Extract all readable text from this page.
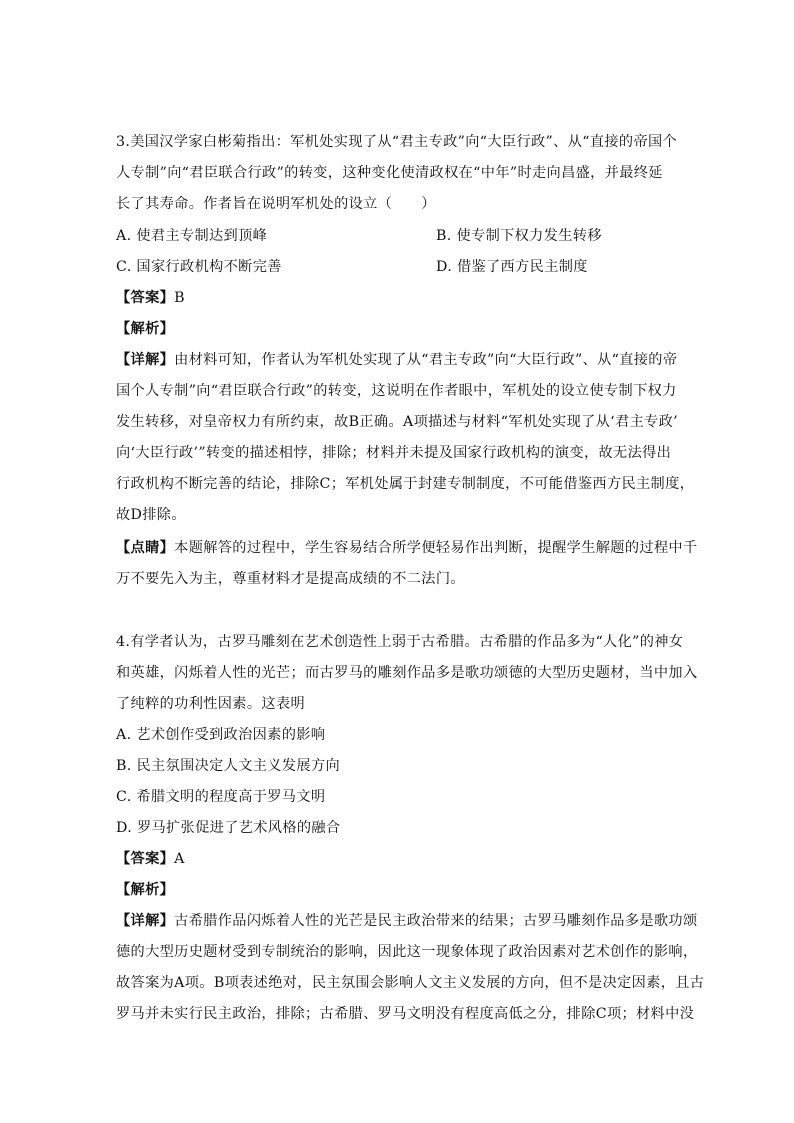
3.美国汉学家白彬菊指出：军机处实现了从“君主专政”向“大臣行政”、从“直接的帝国个
人专制”向“君臣联合行政”的转变，这种变化使清政权在“中年”时走向昌盛，并最终延
长了其寿命。作者旨在说明军机处的设立（　　）
A. 使君主专制达到顶峰	B. 使专制下权力发生转移
C. 国家行政机构不断完善	D. 借鉴了西方民主制度
【答案】B
【解析】
【详解】由材料可知，作者认为军机处实现了从“君主专政”向“大臣行政”、从“直接的帝
国个人专制”向“君臣联合行政”的转变，这说明在作者眼中，军机处的设立使专制下权力
发生转移，对皇帝权力有所约束，故B正确。A项描述与材料“军机处实现了从‘君主专政’
向‘大臣行政’”转变的描述相悖，排除；材料并未提及国家行政机构的演变，故无法得出
行政机构不断完善的结论，排除C；军机处属于封建专制制度，不可能借鉴西方民主制度，
故D排除。
【点睛】本题解答的过程中，学生容易结合所学便轻易作出判断，提醒学生解题的过程中千
万不要先入为主，尊重材料才是提高成绩的不二法门。
4.有学者认为，古罗马雕刻在艺术创造性上弱于古希腊。古希腊的作品多为“人化”的神女
和英雄，闪烁着人性的光芒；而古罗马的雕刻作品多是歌功颂德的大型历史题材，当中加入
了纯粹的功利性因素。这表明
A. 艺术创作受到政治因素的影响
B. 民主氛围决定人文主义发展方向
C. 希腊文明的程度高于罗马文明
D. 罗马扩张促进了艺术风格的融合
【答案】A
【解析】
【详解】古希腊作品闪烁着人性的光芒是民主政治带来的结果；古罗马雕刻作品多是歌功颂
德的大型历史题材受到专制统治的影响，因此这一现象体现了政治因素对艺术创作的影响，
故答案为A项。B项表述绝对，民主氛围会影响人文主义发展的方向，但不是决定因素，且古
罗马并未实行民主政治，排除；古希腊、罗马文明没有程度高低之分，排除C项；材料中没
